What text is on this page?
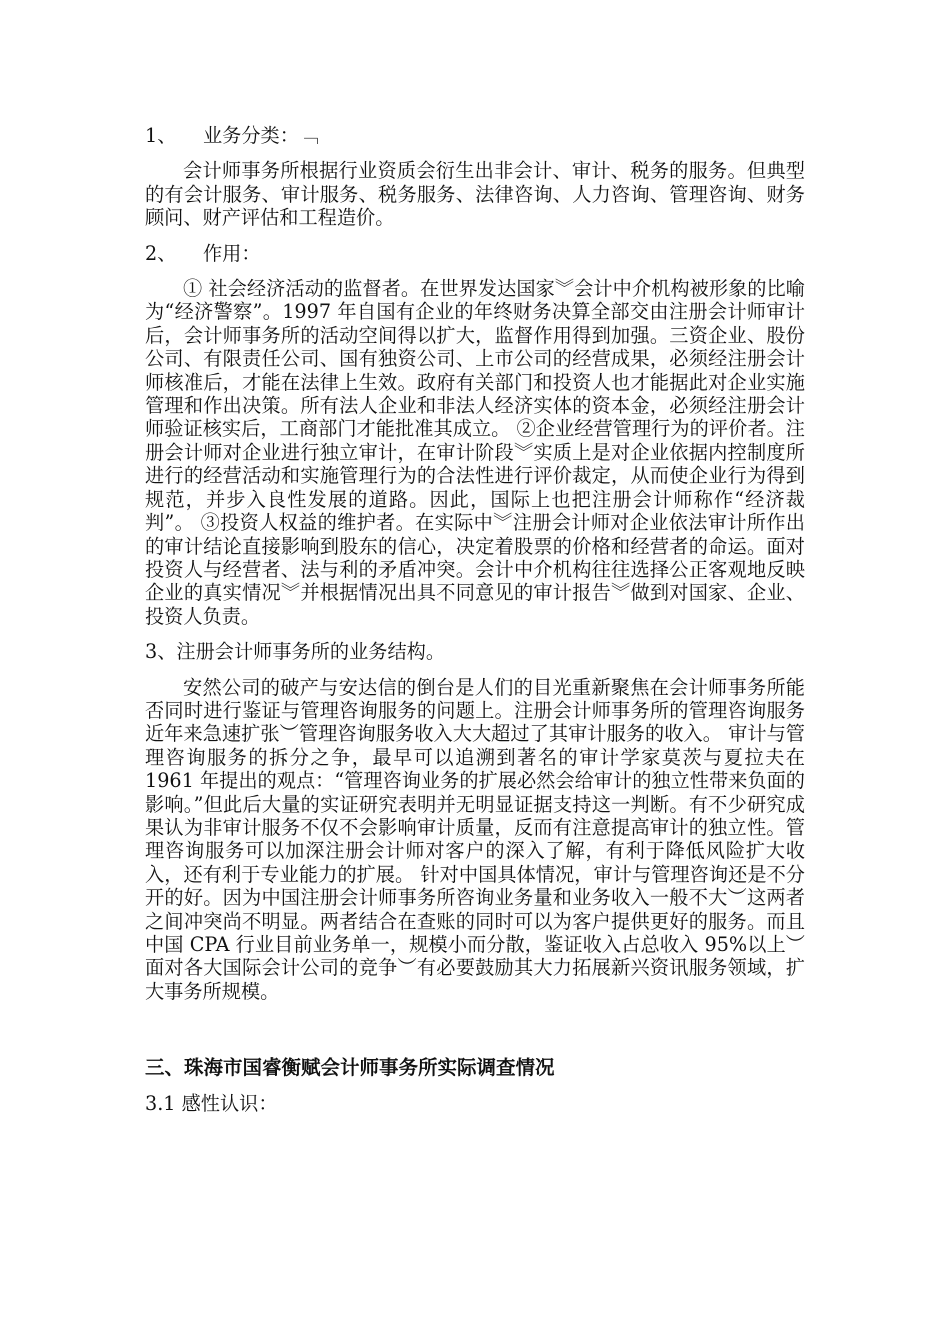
1、 业务分类：﹁

会计师事务所根据行业资质会衍生出非会计、审计、税务的服务。但典型的有会计服务、审计服务、税务服务、法律咨询、人力咨询、管理咨询、财务顾问、财产评估和工程造价。

2、 作用：

① 社会经济活动的监督者。在世界发达国家︾会计中介机构被形象的比喻为“经济警察”。1997 年自国有企业的年终财务决算全部交由注册会计师审计后，会计师事务所的活动空间得以扩大，监督作用得到加强。三资企业、股份公司、有限责任公司、国有独资公司、上市公司的经营成果，必须经注册会计师核准后，才能在法律上生效。政府有关部门和投资人也才能据此对企业实施管理和作出决策。所有法人企业和非法人经济实体的资本金，必须经注册会计师验证核实后，工商部门才能批准其成立。 ②企业经营管理行为的评价者。注册会计师对企业进行独立审计，在审计阶段︾实质上是对企业依据内控制度所进行的经营活动和实施管理行为的合法性进行评价裁定，从而使企业行为得到规范，并步入良性发展的道路。因此，国际上也把注册会计师称作“经济裁判”。 ③投资人权益的维护者。在实际中︾注册会计师对企业依法审计所作出的审计结论直接影响到股东的信心，决定着股票的价格和经营者的命运。面对投资人与经营者、法与利的矛盾冲突。会计中介机构往往选择公正客观地反映企业的真实情况︾并根据情况出具不同意见的审计报告︾做到对国家、企业、投资人负责。

3、注册会计师事务所的业务结构。

安然公司的破产与安达信的倒台是人们的目光重新聚焦在会计师事务所能否同时进行鉴证与管理咨询服务的问题上。注册会计师事务所的管理咨询服务近年来急速扩张︶管理咨询服务收入大大超过了其审计服务的收入。 审计与管理咨询服务的拆分之争，最早可以追溯到著名的审计学家莫茨与夏拉夫在 1961 年提出的观点：“管理咨询业务的扩展必然会给审计的独立性带来负面的影响。”但此后大量的实证研究表明并无明显证据支持这一判断。有不少研究成果认为非审计服务不仅不会影响审计质量，反而有注意提高审计的独立性。管理咨询服务可以加深注册会计师对客户的深入了解，有利于降低风险扩大收入，还有利于专业能力的扩展。 针对中国具体情况，审计与管理咨询还是不分开的好。因为中国注册会计师事务所咨询业务量和业务收入一般不大︶这两者之间冲突尚不明显。两者结合在查账的同时可以为客户提供更好的服务。而且中国 CPA 行业目前业务单一，规模小而分散，鉴证收入占总收入 95%以上︶面对各大国际会计公司的竞争︶有必要鼓励其大力拓展新兴资讯服务领域，扩大事务所规模。

三、珠海市国睿衡赋会计师事务所实际调查情况
3.1 感性认识：
